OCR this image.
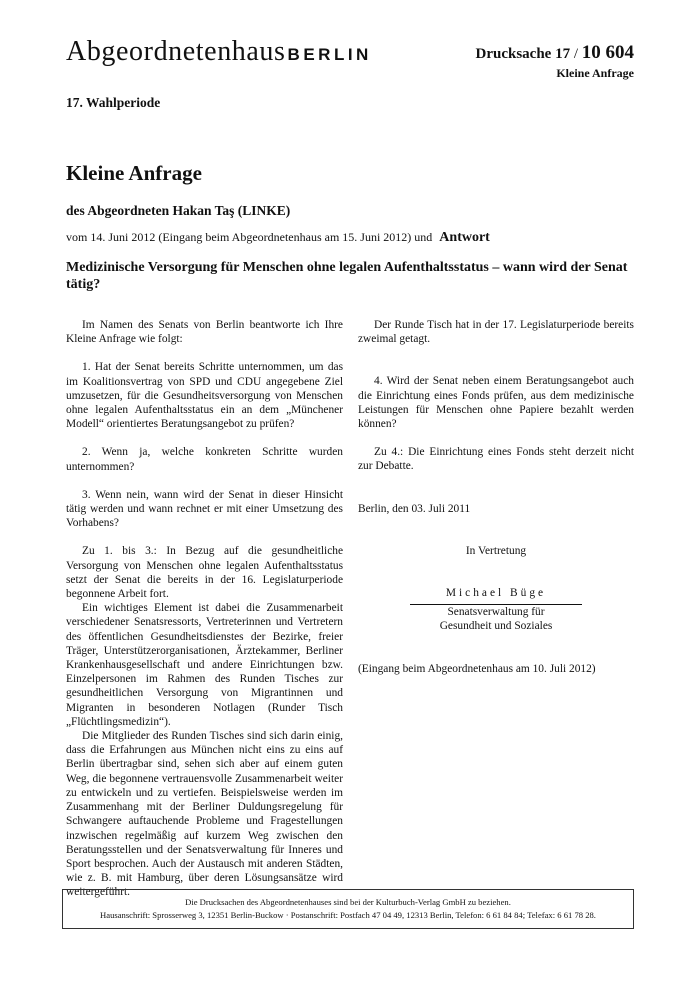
Abgeordnetenhaus BERLIN	Drucksache 17 / 10 604
Kleine Anfrage
17. Wahlperiode
Kleine Anfrage
des Abgeordneten Hakan Taş (LINKE)
vom 14. Juni 2012 (Eingang beim Abgeordnetenhaus am 15. Juni 2012) und Antwort
Medizinische Versorgung für Menschen ohne legalen Aufenthaltsstatus – wann wird der Senat tätig?

Im Namen des Senats von Berlin beantworte ich Ihre Kleine Anfrage wie folgt:

1. Hat der Senat bereits Schritte unternommen, um das im Koalitionsvertrag von SPD und CDU angegebene Ziel umzusetzen, für die Gesundheitsversorgung von Menschen ohne legalen Aufenthaltsstatus ein an dem „Münchener Modell“ orientiertes Beratungsangebot zu prüfen?

2. Wenn ja, welche konkreten Schritte wurden unternommen?

3. Wenn nein, wann wird der Senat in dieser Hinsicht tätig werden und wann rechnet er mit einer Umsetzung des Vorhabens?

Zu 1. bis 3.: In Bezug auf die gesundheitliche Versorgung von Menschen ohne legalen Aufenthaltsstatus setzt der Senat die bereits in der 16. Legislaturperiode begonnene Arbeit fort.

Ein wichtiges Element ist dabei die Zusammenarbeit verschiedener Senatsressorts, Vertreterinnen und Vertretern des öffentlichen Gesundheitsdienstes der Bezirke, freier Träger, Unterstützerorganisationen, Ärztekammer, Berliner Krankenhausgesellschaft und andere Einrichtungen bzw. Einzelpersonen im Rahmen des Runden Tisches zur gesundheitlichen Versorgung von Migrantinnen und Migranten in besonderen Notlagen (Runder Tisch „Flüchtlingsmedizin“).

Die Mitglieder des Runden Tisches sind sich darin einig, dass die Erfahrungen aus München nicht eins zu eins auf Berlin übertragbar sind, sehen sich aber auf einem guten Weg, die begonnene vertrauensvolle Zusammenarbeit weiter zu entwickeln und zu vertiefen. Beispielsweise werden im Zusammenhang mit der Berliner Duldungsregelung für Schwangere auftauchende Probleme und Fragestellungen inzwischen regelmäßig auf kurzem Weg zwischen den Beratungsstellen und der Senatsverwaltung für Inneres und Sport besprochen. Auch der Austausch mit anderen Städten, wie z. B. mit Hamburg, über deren Lösungsansätze wird weitergeführt.

Der Runde Tisch hat in der 17. Legislaturperiode bereits zweimal getagt.

4. Wird der Senat neben einem Beratungsangebot auch die Einrichtung eines Fonds prüfen, aus dem medizinische Leistungen für Menschen ohne Papiere bezahlt werden können?

Zu 4.: Die Einrichtung eines Fonds steht derzeit nicht zur Debatte.

Berlin, den 03. Juli 2011

In Vertretung

Michael Büge

Senatsverwaltung für

Gesundheit und Soziales

(Eingang beim Abgeordnetenhaus am 10. Juli 2012)

Die Drucksachen des Abgeordnetenhauses sind bei der Kulturbuch-Verlag GmbH zu beziehen.
Hausanschrift: Sprosserweg 3, 12351 Berlin-Buckow · Postanschrift: Postfach 47 04 49, 12313 Berlin, Telefon: 6 61 84 84; Telefax: 6 61 78 28.
